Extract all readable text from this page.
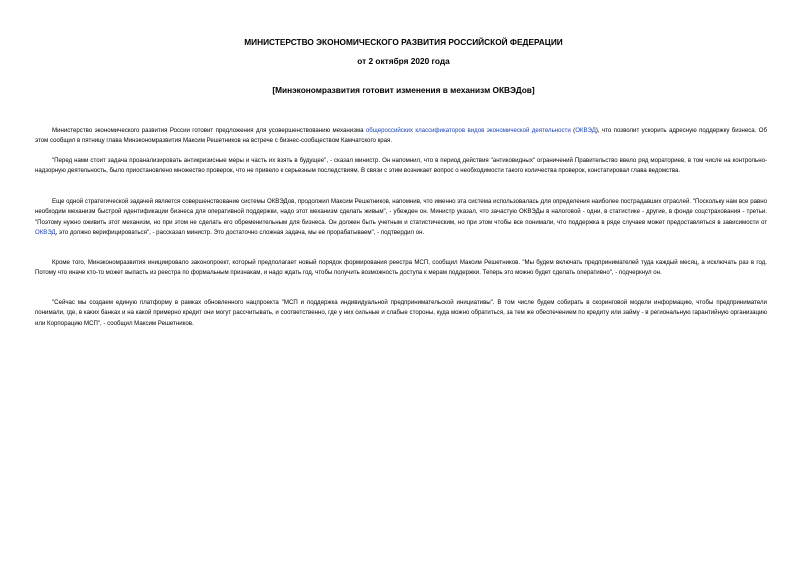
МИНИСТЕРСТВО ЭКОНОМИЧЕСКОГО РАЗВИТИЯ РОССИЙСКОЙ ФЕДЕРАЦИИ
от 2 октября 2020 года
[Минэкономразвития готовит изменения в механизм ОКВЭДов]

Министерство экономического развития России готовит предложения для усовершенствованию механизма общероссийских классификаторов видов экономической деятельности (ОКВЭД), что позволит ускорить адресную поддержку бизнеса. Об этом сообщил в пятницу глава Минэкономразвития Максим Решетников на встрече с бизнес-сообществом Камчатского края.

"Перед нами стоит задача проанализировать антикризисные меры и часть их взять в будущее", - сказал министр. Он напомнил, что в период действия "антиковидных" ограничений Правительство ввело ряд мораториев, в том числе на контрольно-надзорную деятельность, было приостановлено множество проверок, что не привело к серьезным последствиям. В связи с этим возникает вопрос о необходимости такого количества проверок, констатировал глава ведомства.

Еще одной стратегической задачей является совершенствование системы ОКВЭДов, продолжил Максим Решетников, напомнив, что именно эта система использовалась для определения наиболее пострадавших отраслей. "Поскольку нам все равно необходим механизм быстрой идентификации бизнеса для оперативной поддержки, надо этот механизм сделать живым", - убежден он. Министр указал, что зачастую ОКВЭДы в налоговой - одни, в статистике - другие, в фонде соцстрахования - третьи. "Поэтому нужно оживить этот механизм, но при этом не сделать его обременительным для бизнеса. Он должен быть учетным и статистическим, но при этом чтобы все понимали, что поддержка в ряде случаев может предоставляться в зависимости от ОКВЭД, это должно верифицироваться", - рассказал министр. Это достаточно сложная задача, мы ее прорабатываем", - подтвердил он.

Кроме того, Минэкономразвития инициировало законопроект, который предполагает новый порядок формирования реестра МСП, сообщил Максим Решетников. "Мы будем включать предпринимателей туда каждый месяц, а исключать раз в год. Потому что иначе кто-то может выпасть из реестра по формальным признакам, и надо ждать год, чтобы получить возможность доступа к мерам поддержки. Теперь это можно будет сделать оперативно", - подчеркнул он.

"Сейчас мы создаем единую платформу в рамках обновленного нацпроекта "МСП и поддержка индивидуальной предпринимательской инициативы". В том числе будем собирать в скоринговой модели информацию, чтобы предприниматели понимали, где, в каких банках и на какой примерно кредит они могут рассчитывать, и соответственно, где у них сильные и слабые стороны, куда можно обратиться, за тем же обеспечением по кредиту или займу - в региональную гарантийную организацию или Корпорацию МСП", - сообщил Максим Решетников.
